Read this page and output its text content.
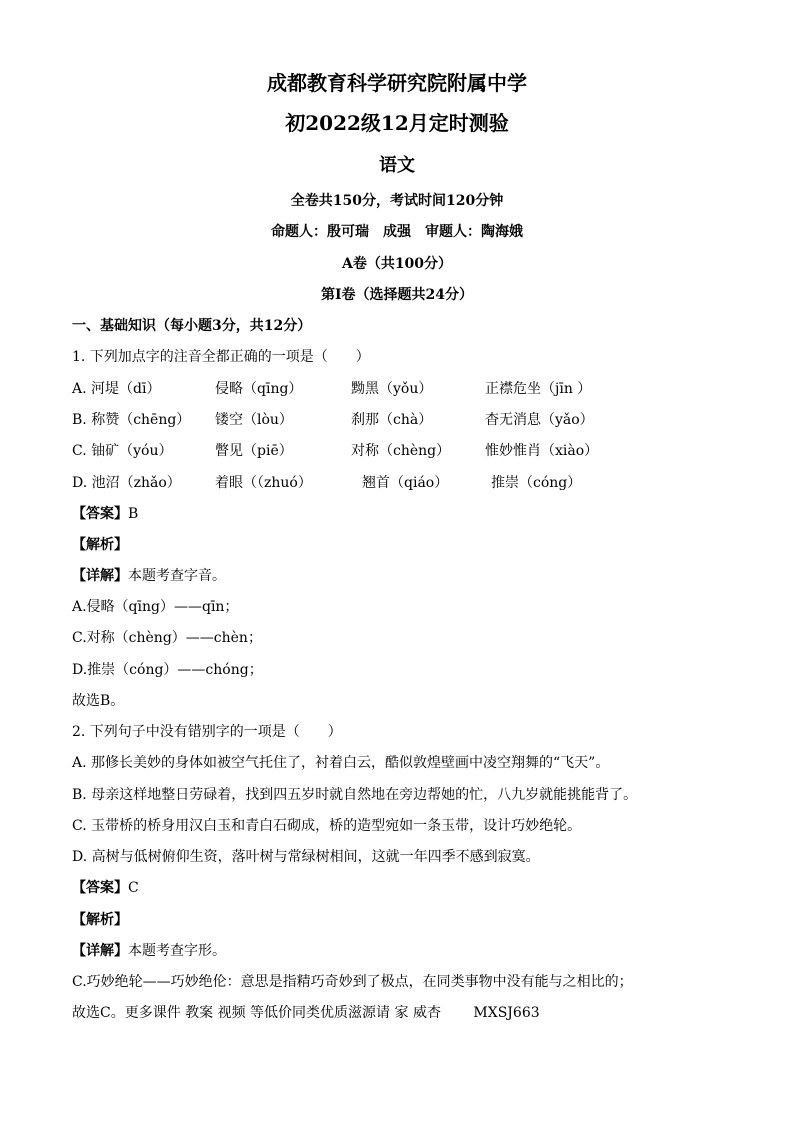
成都教育科学研究院附属中学
初2022级12月定时测验
语文
全卷共150分，考试时间120分钟
命题人：殷可瑞　成强　审题人：陶海娥
A卷（共100分）
第Ⅰ卷（选择题共24分）
一、基础知识（每小题3分，共12分）
1. 下列加点字的注音全都正确的一项是（　　）
A. 河堤（dī）	侵略（qīng）	黝黑（yǒu）	正襟危坐（jīn ）
B. 称赞（chēng） 镂空（lòu）	刹那（chà）	杳无消息（yǎo）
C. 铀矿（yóu）	瞥见（piē）	对称（chèng） 惟妙惟肖（xiào）
D. 池沼（zhǎo） 着眼（（zhuó）	翘首（qiáo）	推崇（cóng）
【答案】B
【解析】
【详解】本题考查字音。
A.侵略（qīng）——qīn；
C.对称（chèng）——chèn；
D.推崇（cóng）——chóng；
故选B。
2. 下列句子中没有错别字的一项是（　　）
A. 那修长美妙的身体如被空气托住了，衬着白云，酷似敦煌壁画中凌空翔舞的“飞天”。
B. 母亲这样地整日劳碌着，找到四五岁时就自然地在旁边帮她的忙，八九岁就能挑能背了。
C. 玉带桥的桥身用汉白玉和青白石砌成，桥的造型宛如一条玉带，设计巧妙绝轮。
D. 高树与低树俯仰生资，落叶树与常绿树相间，这就一年四季不感到寂寞。
【答案】C
【解析】
【详解】本题考查字形。
C.巧妙绝轮——巧妙绝伦：意思是指精巧奇妙到了极点，在同类事物中没有能与之相比的；
故选C。更多课件 教案 视频 等低价同类优质滋源请 家 威杏　　 MXSJ663
